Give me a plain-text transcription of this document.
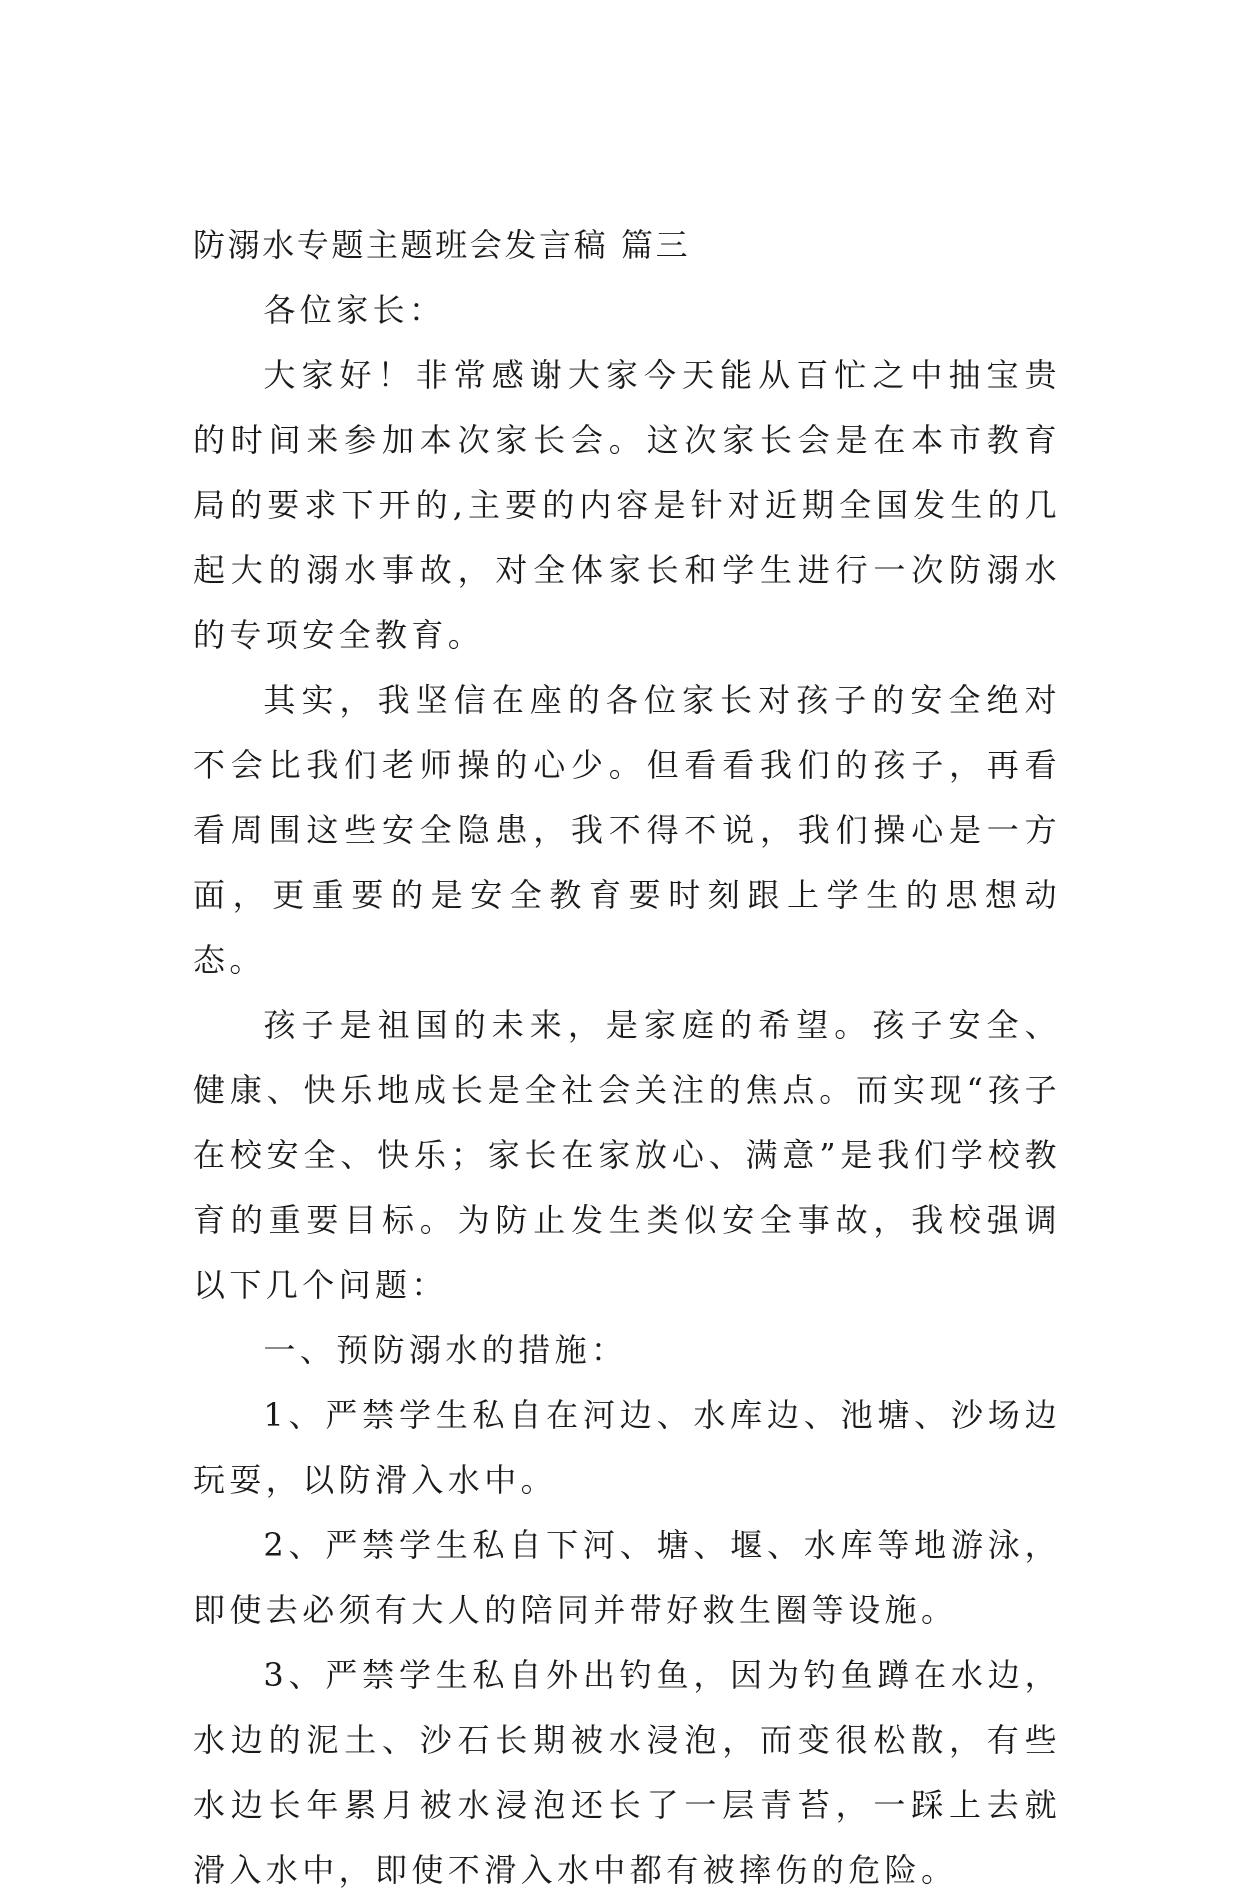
防溺水专题主题班会发言稿 篇三

各位家长：

大家好！非常感谢大家今天能从百忙之中抽宝贵的时间来参加本次家长会。这次家长会是在本市教育局的要求下开的,主要的内容是针对近期全国发生的几起大的溺水事故，对全体家长和学生进行一次防溺水的专项安全教育。

其实，我坚信在座的各位家长对孩子的安全绝对不会比我们老师操的心少。但看看我们的孩子，再看看周围这些安全隐患，我不得不说，我们操心是一方面，更重要的是安全教育要时刻跟上学生的思想动态。

孩子是祖国的未来，是家庭的希望。孩子安全、健康、快乐地成长是全社会关注的焦点。而实现“孩子在校安全、快乐；家长在家放心、满意”是我们学校教育的重要目标。为防止发生类似安全事故，我校强调以下几个问题：

一、预防溺水的措施：

1、严禁学生私自在河边、水库边、池塘、沙场边玩耍，以防滑入水中。

2、严禁学生私自下河、塘、堰、水库等地游泳，即使去必须有大人的陪同并带好救生圈等设施。

3、严禁学生私自外出钓鱼，因为钓鱼蹲在水边，水边的泥土、沙石长期被水浸泡，而变很松散，有些水边长年累月被水浸泡还长了一层青苔，一踩上去就滑入水中，即使不滑入水中都有被摔伤的危险。
